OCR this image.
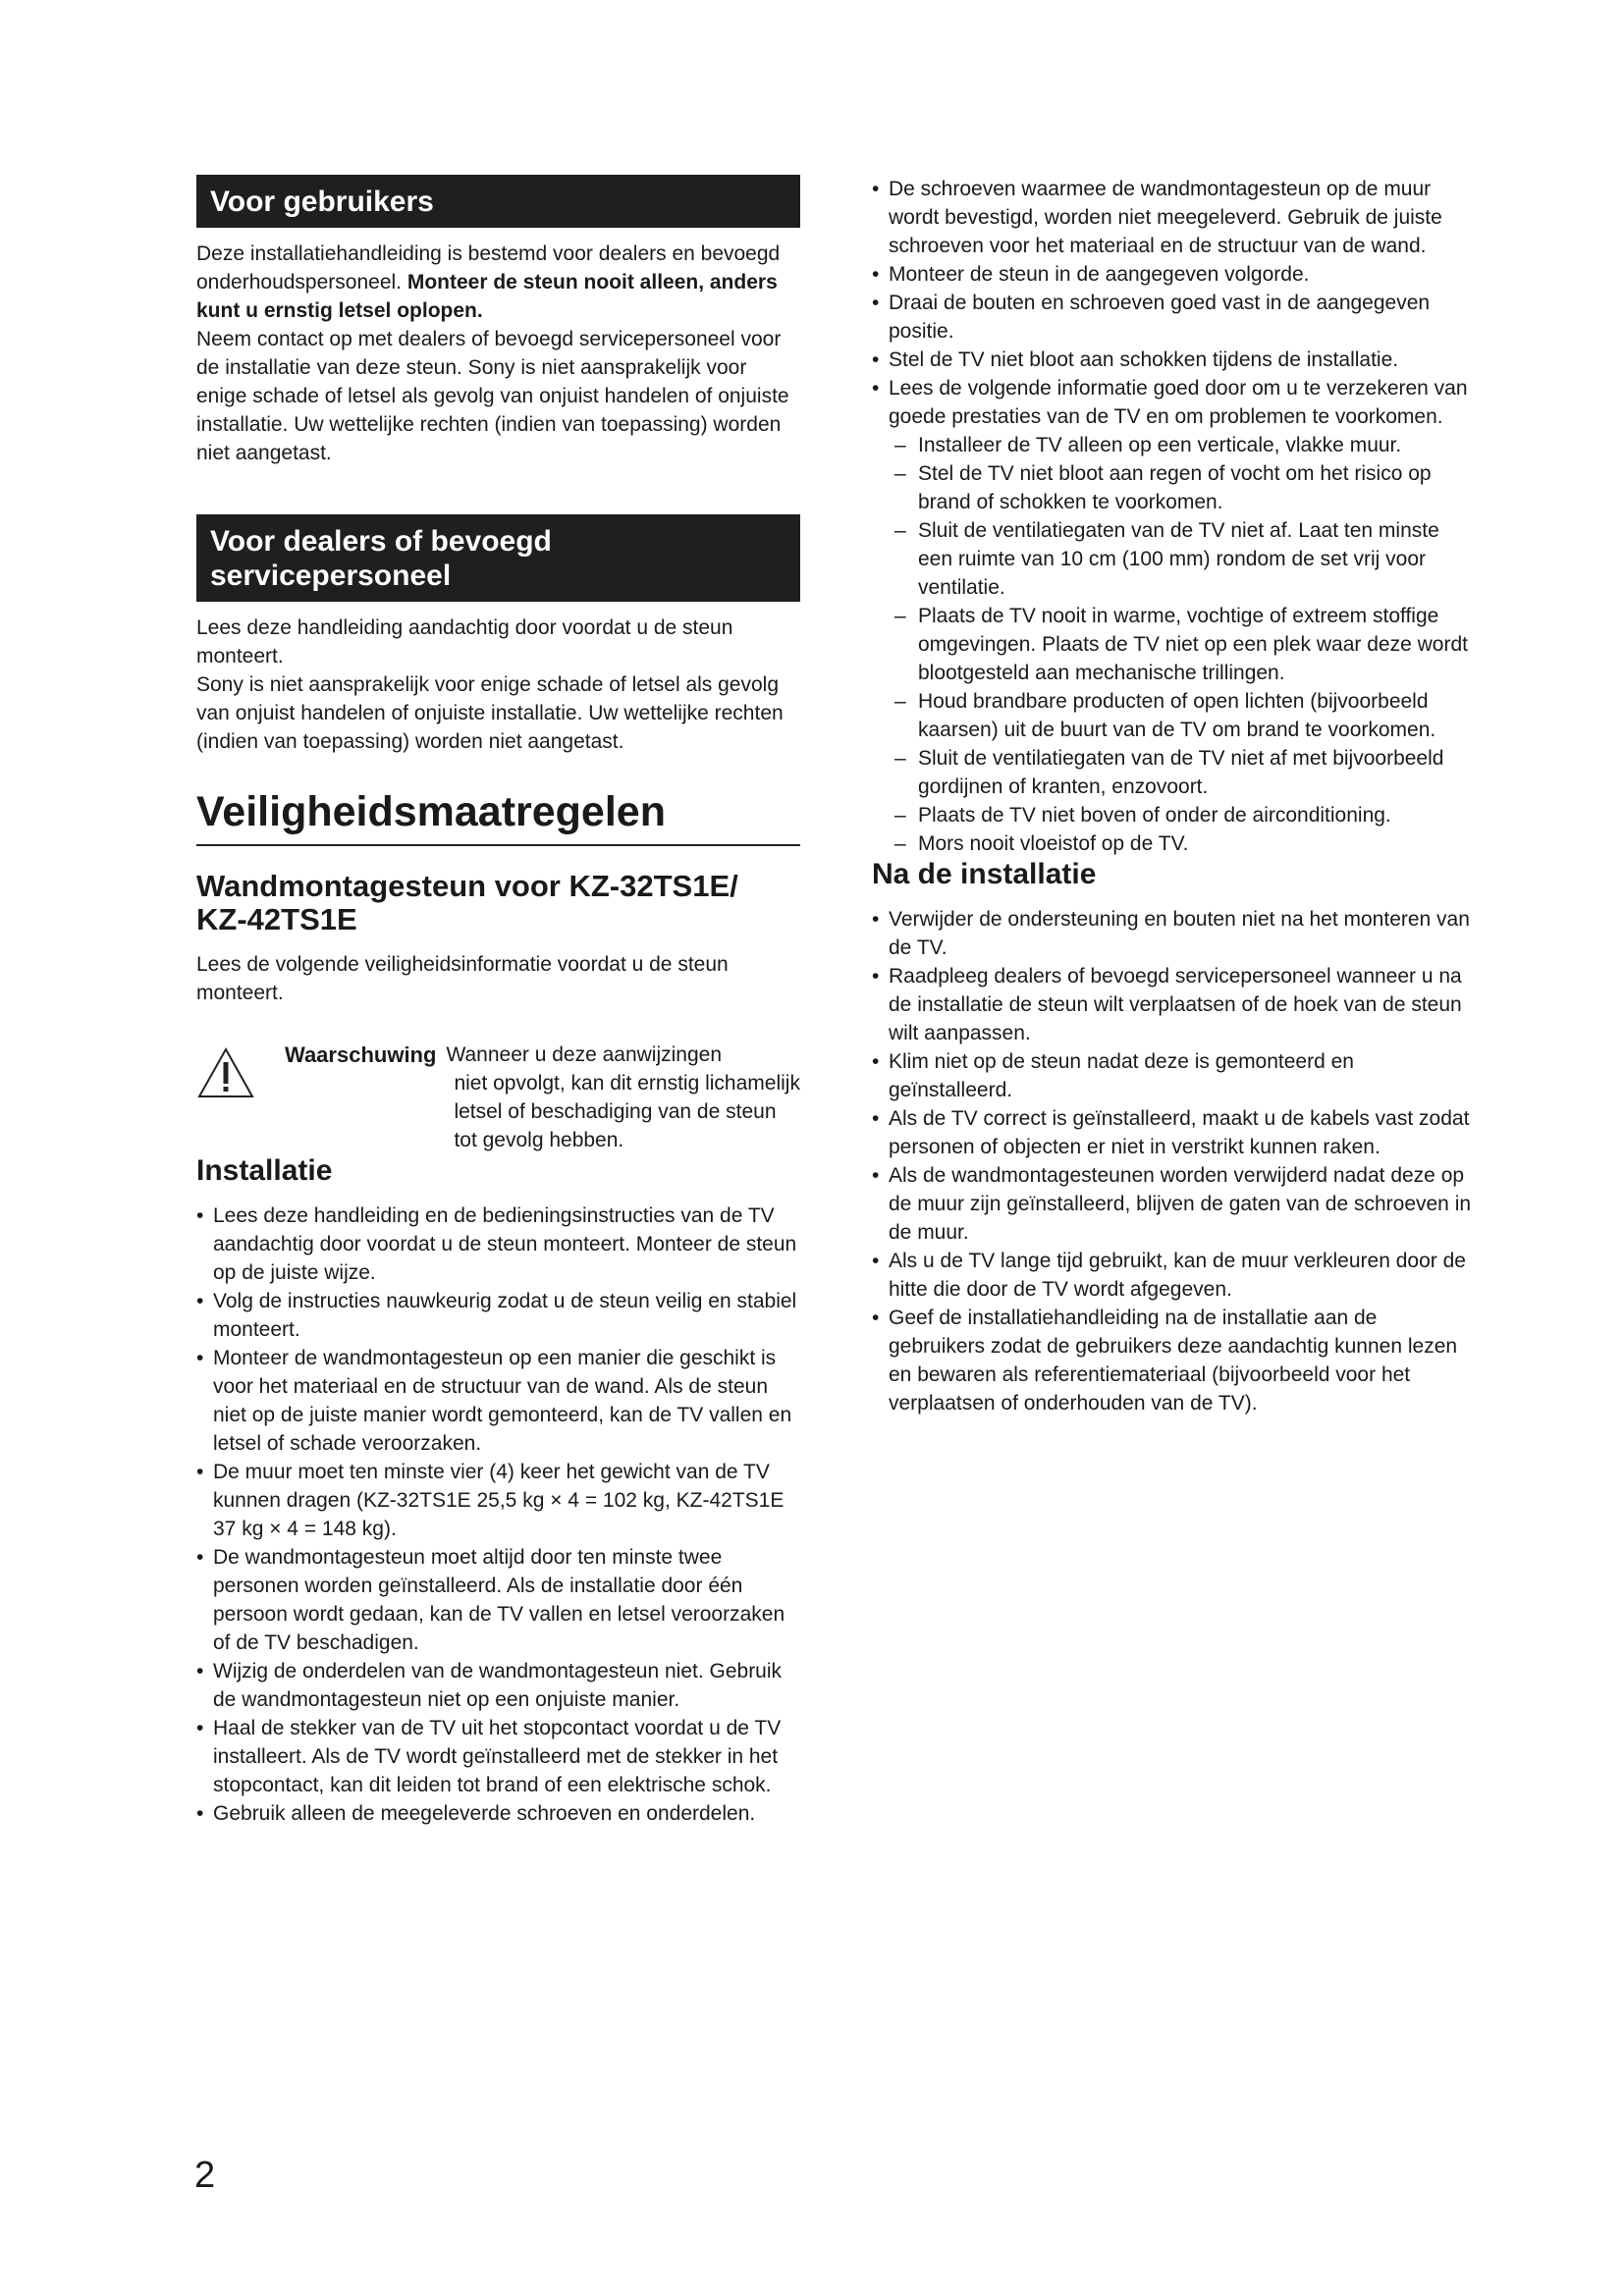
Voor gebruikers

Deze installatiehandleiding is bestemd voor dealers en bevoegd onderhoudspersoneel. Monteer de steun nooit alleen, anders kunt u ernstig letsel oplopen.

Neem contact op met dealers of bevoegd servicepersoneel voor de installatie van deze steun. Sony is niet aansprakelijk voor enige schade of letsel als gevolg van onjuist handelen of onjuiste installatie. Uw wettelijke rechten (indien van toepassing) worden niet aangetast.

Voor dealers of bevoegd
servicepersoneel

Lees deze handleiding aandachtig door voordat u de steun monteert.

Sony is niet aansprakelijk voor enige schade of letsel als gevolg van onjuist handelen of onjuiste installatie. Uw wettelijke rechten (indien van toepassing) worden niet aangetast.

Veiligheidsmaatregelen
Wandmontagesteun voor KZ-32TS1E/
KZ-42TS1E

Lees de volgende veiligheidsinformatie voordat u de steun monteert.

Waarschuwing Wanneer u deze aanwijzingen
niet opvolgt, kan dit ernstig lichamelijk letsel of beschadiging van de steun tot gevolg hebben.
Installatie
• Lees deze handleiding en de bedieningsinstructies van de TV aandachtig door voordat u de steun monteert. Monteer de steun op de juiste wijze.
• Volg de instructies nauwkeurig zodat u de steun veilig en stabiel monteert.
• Monteer de wandmontagesteun op een manier die geschikt is voor het materiaal en de structuur van de wand. Als de steun niet op de juiste manier wordt gemonteerd, kan de TV vallen en letsel of schade veroorzaken.
• De muur moet ten minste vier (4) keer het gewicht van de TV kunnen dragen (KZ-32TS1E 25,5 kg × 4 = 102 kg, KZ-42TS1E 37 kg × 4 = 148 kg).
• De wandmontagesteun moet altijd door ten minste twee personen worden geïnstalleerd. Als de installatie door één persoon wordt gedaan, kan de TV vallen en letsel veroorzaken of de TV beschadigen.
• Wijzig de onderdelen van de wandmontagesteun niet. Gebruik de wandmontagesteun niet op een onjuiste manier.
• Haal de stekker van de TV uit het stopcontact voordat u de TV installeert. Als de TV wordt geïnstalleerd met de stekker in het stopcontact, kan dit leiden tot brand of een elektrische schok.
• Gebruik alleen de meegeleverde schroeven en onderdelen.
• De schroeven waarmee de wandmontagesteun op de muur wordt bevestigd, worden niet meegeleverd. Gebruik de juiste schroeven voor het materiaal en de structuur van de wand.
• Monteer de steun in de aangegeven volgorde.
• Draai de bouten en schroeven goed vast in de aangegeven positie.
• Stel de TV niet bloot aan schokken tijdens de installatie.
• Lees de volgende informatie goed door om u te verzekeren van goede prestaties van de TV en om problemen te voorkomen.
– Installeer de TV alleen op een verticale, vlakke muur.
– Stel de TV niet bloot aan regen of vocht om het risico op brand of schokken te voorkomen.
– Sluit de ventilatiegaten van de TV niet af. Laat ten minste een ruimte van 10 cm (100 mm) rondom de set vrij voor ventilatie.
– Plaats de TV nooit in warme, vochtige of extreem stoffige omgevingen. Plaats de TV niet op een plek waar deze wordt blootgesteld aan mechanische trillingen.
– Houd brandbare producten of open lichten (bijvoorbeeld kaarsen) uit de buurt van de TV om brand te voorkomen.
– Sluit de ventilatiegaten van de TV niet af met bijvoorbeeld gordijnen of kranten, enzovoort.
– Plaats de TV niet boven of onder de airconditioning.
– Mors nooit vloeistof op de TV.
Na de installatie
• Verwijder de ondersteuning en bouten niet na het monteren van de TV.
• Raadpleeg dealers of bevoegd servicepersoneel wanneer u na de installatie de steun wilt verplaatsen of de hoek van de steun wilt aanpassen.
• Klim niet op de steun nadat deze is gemonteerd en geïnstalleerd.
• Als de TV correct is geïnstalleerd, maakt u de kabels vast zodat personen of objecten er niet in verstrikt kunnen raken.
• Als de wandmontagesteunen worden verwijderd nadat deze op de muur zijn geïnstalleerd, blijven de gaten van de schroeven in de muur.
• Als u de TV lange tijd gebruikt, kan de muur verkleuren door de hitte die door de TV wordt afgegeven.
• Geef de installatiehandleiding na de installatie aan de gebruikers zodat de gebruikers deze aandachtig kunnen lezen en bewaren als referentiemateriaal (bijvoorbeeld voor het verplaatsen of onderhouden van de TV).
2
